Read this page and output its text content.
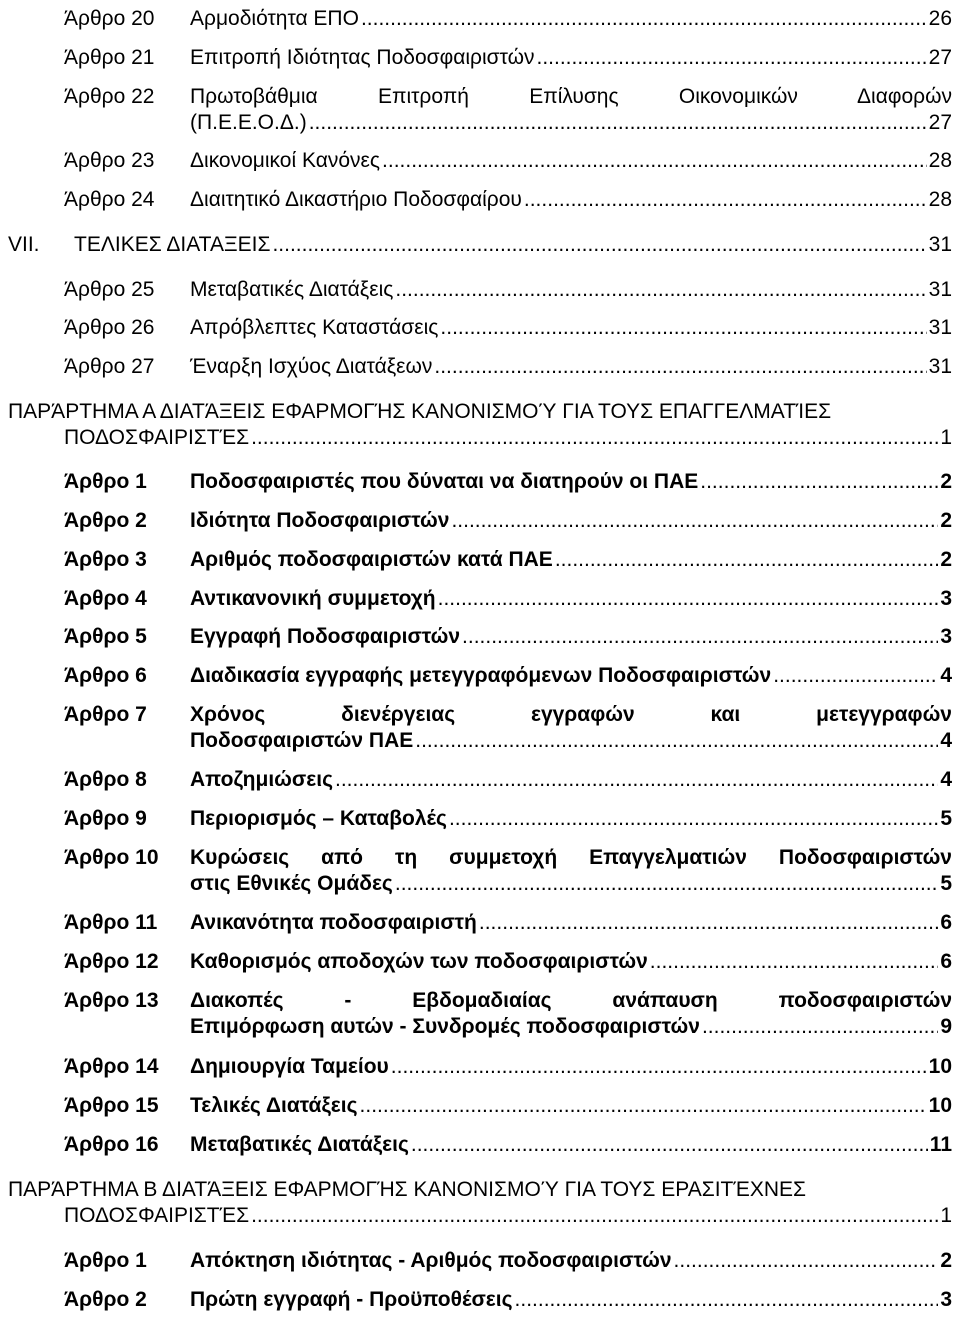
Άρθρο 20	Αρμοδιότητα ΕΠΟ .....	26
Άρθρο 21	Επιτροπή Ιδιότητας Ποδοσφαιριστών .....	27
Άρθρο 22	Πρωτοβάθμια Επιτροπή Επίλυσης Οικονομικών Διαφορών
(Π.Ε.Ε.Ο.Δ.) .....	27
Άρθρο 23	Δικονομικοί Κανόνες .....	28
Άρθρο 24	Διαιτητικό Δικαστήριο Ποδοσφαίρου .....	28
VII.	ΤΕΛΙΚΕΣ ΔΙΑΤΑΞΕΙΣ .....	31
Άρθρο 25	Μεταβατικές Διατάξεις .....	31
Άρθρο 26	Απρόβλεπτες Καταστάσεις .....	31
Άρθρο 27	Έναρξη Ισχύος Διατάξεων .....	31
ΠΑΡΆΡΤΗΜΑ Α ΔΙΑΤΆΞΕΙΣ ΕΦΑΡΜΟΓΉΣ ΚΑΝΟΝΙΣΜΟΎ ΓΙΑ ΤΟΥΣ ΕΠΑΓΓΕΛΜΑΤΊΕΣ
ΠΟΔΟΣΦΑΙΡΙΣΤΈΣ .....	1
Άρθρο 1	Ποδοσφαιριστές που δύναται να διατηρούν οι ΠΑΕ .....	2
Άρθρο 2	Ιδιότητα Ποδοσφαιριστών .....	2
Άρθρο 3	Αριθμός ποδοσφαιριστών κατά ΠΑΕ .....	2
Άρθρο 4	Αντικανονική συμμετοχή .....	3
Άρθρο 5	Εγγραφή Ποδοσφαιριστών .....	3
Άρθρο 6	Διαδικασία εγγραφής μετεγγραφόμενων Ποδοσφαιριστών .....	4
Άρθρο 7	Χρόνος διενέργειας εγγραφών και μετεγγραφών
Ποδοσφαιριστών ΠΑΕ .....	4
Άρθρο 8	Αποζημιώσεις .....	4
Άρθρο 9	Περιορισμός – Καταβολές .....	5
Άρθρο 10	Κυρώσεις από τη συμμετοχή Επαγγελματιών Ποδοσφαιριστών
στις Εθνικές Ομάδες .....	5
Άρθρο 11	Ανικανότητα ποδοσφαιριστή .....	6
Άρθρο 12	Καθορισμός αποδοχών των ποδοσφαιριστών .....	6
Άρθρο 13	Διακοπές - Εβδομαδιαίας ανάπαυση ποδοσφαιριστών
Επιμόρφωση αυτών - Συνδρομές ποδοσφαιριστών .....	9
Άρθρο 14	Δημιουργία Ταμείου .....	10
Άρθρο 15	Τελικές Διατάξεις .....	10
Άρθρο 16	Μεταβατικές Διατάξεις .....	11
ΠΑΡΆΡΤΗΜΑ Β ΔΙΑΤΆΞΕΙΣ ΕΦΑΡΜΟΓΉΣ ΚΑΝΟΝΙΣΜΟΎ ΓΙΑ ΤΟΥΣ ΕΡΑΣΙΤΈΧΝΕΣ
ΠΟΔΟΣΦΑΙΡΙΣΤΈΣ .....	1
Άρθρο 1	Απόκτηση ιδιότητας - Αριθμός ποδοσφαιριστών .....	2
Άρθρο 2	Πρώτη εγγραφή - Προϋποθέσεις .....	3
